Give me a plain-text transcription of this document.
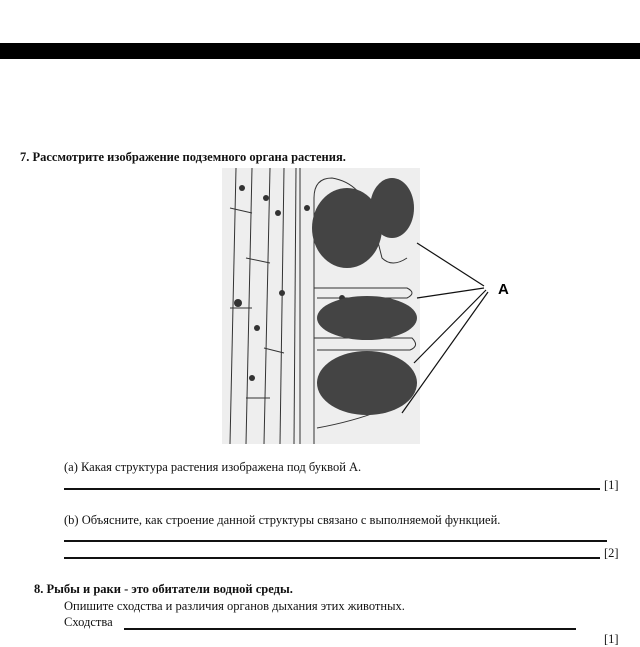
7. Рассмотрите изображение подземного органа растения.
A
(a) Какая структура растения изображена под буквой А.
[1]
(b) Объясните, как строение данной структуры связано с выполняемой функцией.
[2]
8. Рыбы и раки - это обитатели водной среды.
Опишите сходства и различия органов дыхания этих животных.
Сходства
[1]
